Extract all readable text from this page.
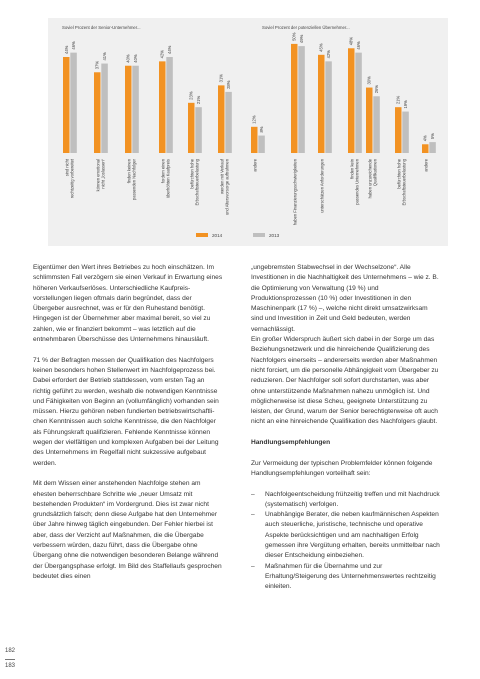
Soviel Prozent der Senior-Unternehmer...
44%
46%
sind nicht rechtzeitig vorbereitet
37%
41%
können emotional nicht „loslassen“
40% 40%
finden keinen passenden Nachfolger
42%
44%
fordern einen überhöhten Kaufpreis
23%
21%
befürchten hohe Erbschaftsteuerbelastung
31%
28%
werden mit Verkauf und Altersvorsorge auftrahmen
12%
8%
andere
Soviel Prozent der potenziellen Übernehmer...
50% 49%
haben Finanzierungsschwierigkeiten
45%
42%
unterschätzen Anforderungen
48%
46%
finden kein passendes Unternehmen
30%
26%
haben unzureichende Qualifikationen
21%
19%
befürchten hohe Erbschaftsteuerbelastung
4% 5%
andere
2014	2013

Eigentümer den Wert ihres Betriebes zu hoch einschätzen. Im schlimmsten Fall verzögern sie einen Verkauf in Erwartung eines höheren Verkaufserlöses. Unterschiedliche Kaufpreisvorstellungen liegen oftmals darin begründet, dass der Übergeber ausrechnet, was er für den Ruhestand benötigt. Hingegen ist der Übernehmer aber maximal bereit, so viel zu zahlen, wie er finanziert bekommt – was letztlich auf die entnehmbaren Überschüsse des Unternehmens hinausläuft.

71 % der Befragten messen der Qualifikation des Nachfolgers keinen besonders hohen Stellenwert im Nachfolgeprozess bei. Dabei erfordert der Betrieb stattdessen, vom ersten Tag an richtig geführt zu werden, weshalb die notwendigen Kenntnisse und Fähigkeiten von Beginn an (vollumfänglich) vorhanden sein müssen. Hierzu gehören neben fundierten betriebswirtschaftlichen Kenntnissen auch solche Kenntnisse, die den Nachfolger als Führungskraft qualifizieren. Fehlende Kenntnisse können wegen der vielfältigen und komplexen Aufgaben bei der Leitung des Unternehmens im Regelfall nicht sukzessive aufgebaut werden.

Mit dem Wissen einer anstehenden Nachfolge stehen am ehesten beherrschbare Schritte wie „neuer Umsatz mit bestehenden Produkten“ im Vordergrund. Dies ist zwar nicht grundsätzlich falsch; denn diese Aufgabe hat den Unternehmer über Jahre hinweg täglich eingebunden. Der Fehler hierbei ist aber, dass der Verzicht auf Maßnahmen, die die Übergabe verbessern würden, dazu führt, dass die Übergabe ohne Übergang ohne die notwendigen besonderen Belange während der Übergangsphase erfolgt. Im Bild des Staffellaufs gesprochen bedeutet dies einen

„ungebremsten Stabwechsel in der Wechselzone“. Alle Investitionen in die Nachhaltigkeit des Unternehmens – wie z. B. die Optimierung von Verwaltung (19 %) und Produktionsprozessen (10 %) oder Investitionen in den Maschinenpark (17 %) –, welche nicht direkt umsatzwirksam sind und Investition in Zeit und Geld bedeuten, werden vernachlässigt.

Ein großer Widerspruch äußert sich dabei in der Sorge um das Beziehungsnetzwerk und die hinreichende Qualifizierung des Nachfolgers einerseits – andererseits werden aber Maßnahmen nicht forciert, um die personelle Abhängigkeit vom Übergeber zu reduzieren. Der Nachfolger soll sofort durchstarten, was aber ohne unterstützende Maßnahmen nahezu unmöglich ist. Und möglicherweise ist diese Scheu, geeignete Unterstützung zu leisten, der Grund, warum der Senior berechtigterweise oft auch nicht an eine hinreichende Qualifikation des Nachfolgers glaubt.

Handlungsempfehlungen

Zur Vermeidung der typischen Problemfelder können folgende Handlungsempfehlungen vorteilhaft sein:

– Nachfolgeentscheidung frühzeitig treffen und mit Nachdruck (systematisch) verfolgen.
– Unabhängige Berater, die neben kaufmännischen Aspekten auch steuerliche, juristische, technische und operative Aspekte berücksichtigen und am nachhaltigen Erfolg gemessen ihre Vergütung erhalten, bereits unmittelbar nach dieser Entscheidung einbeziehen.
– Maßnahmen für die Übernahme und zur Erhaltung/Steigerung des Unternehmenswertes rechtzeitig einleiten.
182
183
